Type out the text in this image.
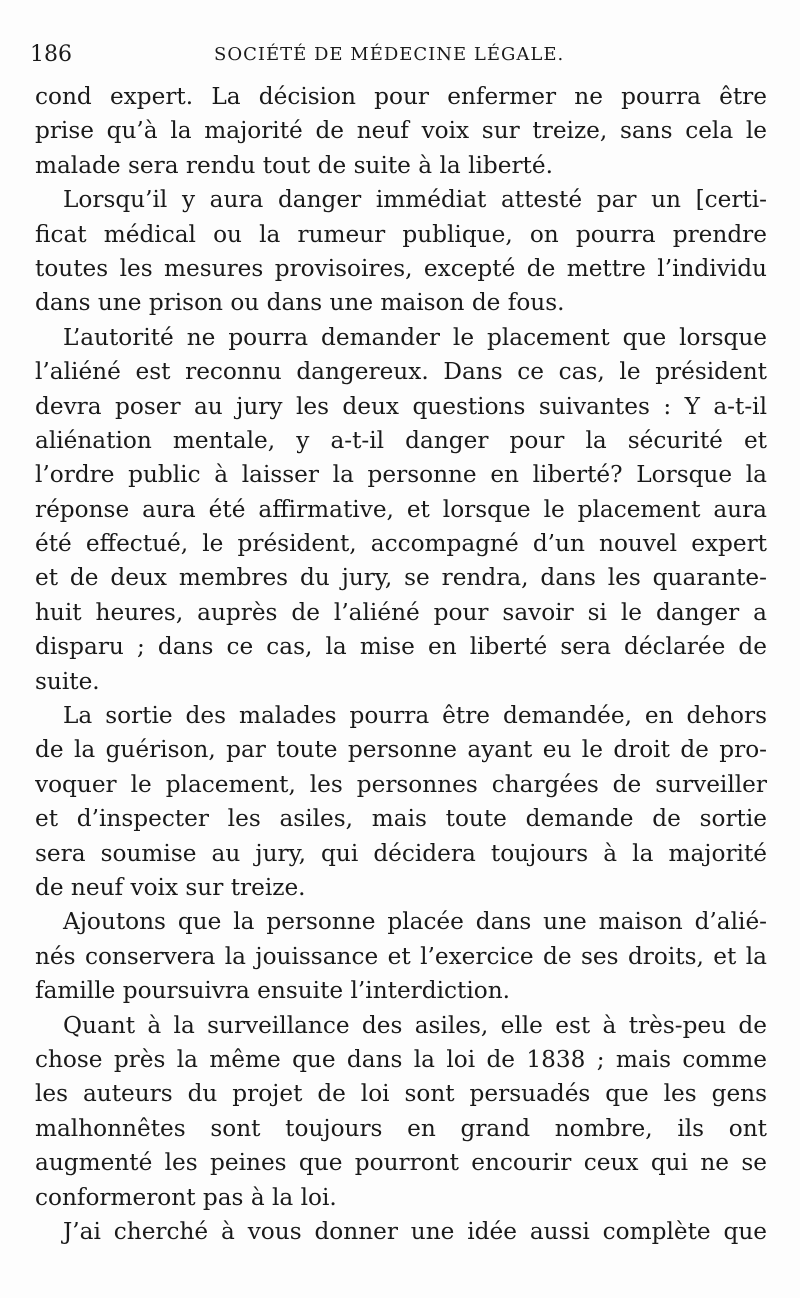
186	SOCIÉTÉ DE MÉDECINE LÉGALE.
cond expert. La décision pour enfermer ne pourra être
prise qu’à la majorité de neuf voix sur treize, sans cela le
malade sera rendu tout de suite à la liberté.
Lorsqu’il y aura danger immédiat attesté par un [certi-
ficat médical ou la rumeur publique, on pourra prendre
toutes les mesures provisoires, excepté de mettre l’individu
dans une prison ou dans une maison de fous.
L’autorité ne pourra demander le placement que lorsque
l’aliéné est reconnu dangereux. Dans ce cas, le président
devra poser au jury les deux questions suivantes : Y a-t-il
aliénation mentale, y a-t-il danger pour la sécurité et
l’ordre public à laisser la personne en liberté? Lorsque la
réponse aura été affirmative, et lorsque le placement aura
été effectué, le président, accompagné d’un nouvel expert
et de deux membres du jury, se rendra, dans les quarante-
huit heures, auprès de l’aliéné pour savoir si le danger a
disparu ; dans ce cas, la mise en liberté sera déclarée de
suite.
La sortie des malades pourra être demandée, en dehors
de la guérison, par toute personne ayant eu le droit de pro-
voquer le placement, les personnes chargées de surveiller
et d’inspecter les asiles, mais toute demande de sortie
sera soumise au jury, qui décidera toujours à la majorité
de neuf voix sur treize.
Ajoutons que la personne placée dans une maison d’alié-
nés conservera la jouissance et l’exercice de ses droits, et la
famille poursuivra ensuite l’interdiction.
Quant à la surveillance des asiles, elle est à très-peu de
chose près la même que dans la loi de 1838 ; mais comme
les auteurs du projet de loi sont persuadés que les gens
malhonnêtes sont toujours en grand nombre, ils ont
augmenté les peines que pourront encourir ceux qui ne se
conformeront pas à la loi.
J’ai cherché à vous donner une idée aussi complète que
